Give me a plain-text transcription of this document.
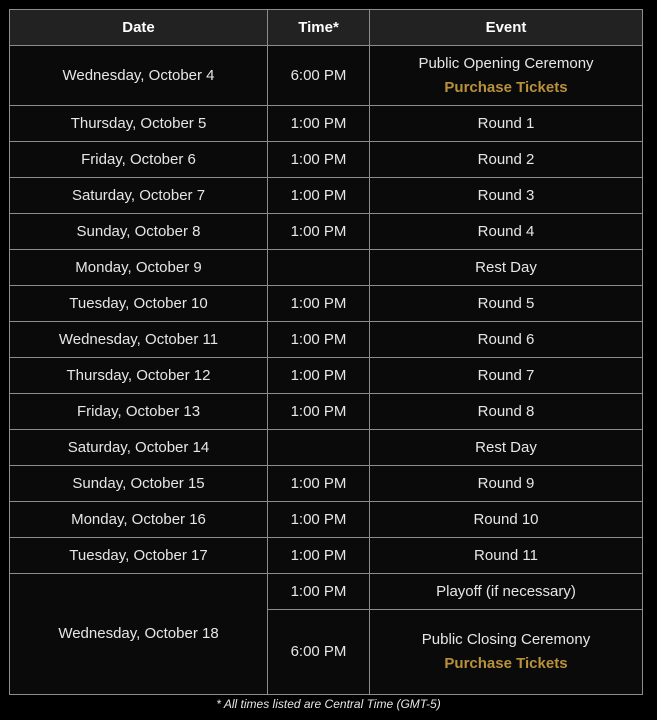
Date	Time*	Event
Wednesday, October 4	6:00 PM	Public Opening Ceremony
Purchase Tickets

Thursday, October 5	1:00 PM	Round 1
Friday, October 6	1:00 PM	Round 2
Saturday, October 7	1:00 PM	Round 3
Sunday, October 8	1:00 PM	Round 4
Monday, October 9		Rest Day
Tuesday, October 10	1:00 PM	Round 5
Wednesday, October 11	1:00 PM	Round 6
Thursday, October 12	1:00 PM	Round 7
Friday, October 13	1:00 PM	Round 8
Saturday, October 14		Rest Day
Sunday, October 15	1:00 PM	Round 9
Monday, October 16	1:00 PM	Round 10
Tuesday, October 17	1:00 PM	Round 11
Wednesday, October 18	1:00 PM	Playoff (if necessary)
	6:00 PM	Public Closing Ceremony
Purchase Tickets
* All times listed are Central Time (GMT-5)
